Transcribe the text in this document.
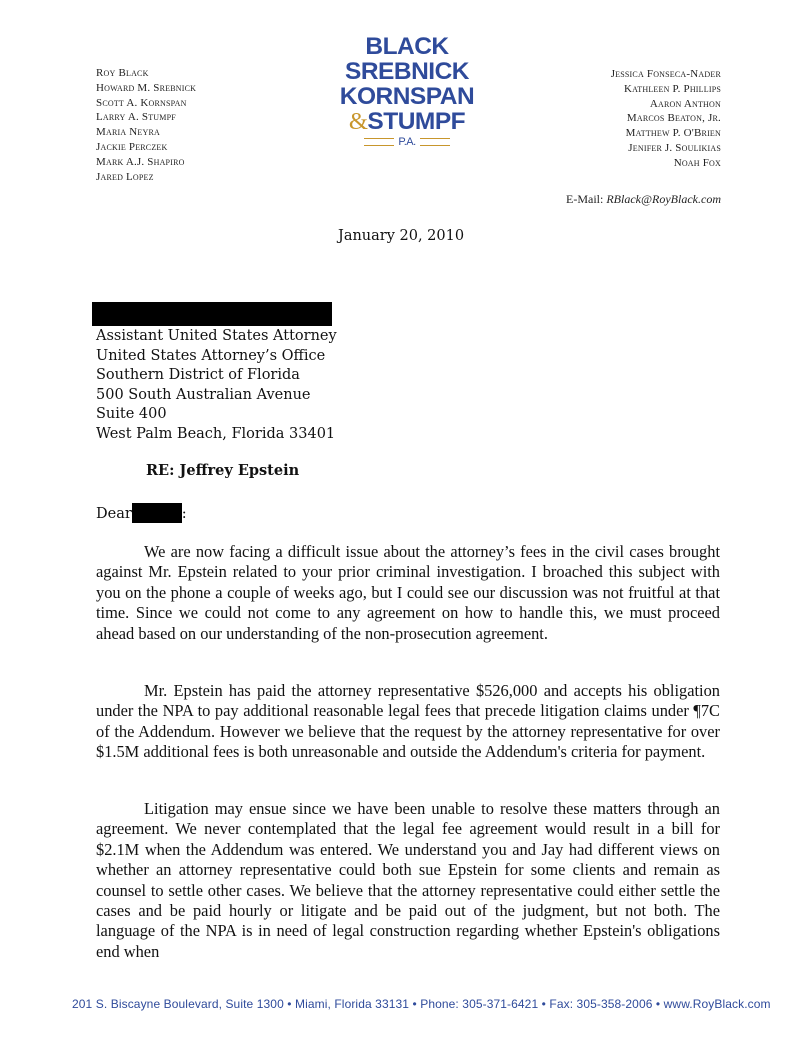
Roy Black
Howard M. Srebnick
Scott A. Kornspan
Larry A. Stumpf
Maria Neyra
Jackie Perczek
Mark A.J. Shapiro
Jared Lopez
BLACK
SREBNICK
KORNSPAN
&STUMPF
P.A.
Jessica Fonseca-Nader
Kathleen P. Phillips
Aaron Anthon
Marcos Beaton, Jr.
Matthew P. O'Brien
Jenifer J. Soulikias
Noah Fox
E-Mail: RBlack@RoyBlack.com
January 20, 2010
Assistant United States Attorney
United States Attorney’s Office
Southern District of Florida
500 South Australian Avenue
Suite 400
West Palm Beach, Florida 33401
RE: Jeffrey Epstein
Dear	:
We are now facing a difficult issue about the attorney’s fees in the civil cases brought against Mr. Epstein related to your prior criminal investigation. I broached this subject with you on the phone a couple of weeks ago, but I could see our discussion was not fruitful at that time. Since we could not come to any agreement on how to handle this, we must proceed ahead based on our understanding of the non-prosecution agreement.
Mr. Epstein has paid the attorney representative $526,000 and accepts his obligation under the NPA to pay additional reasonable legal fees that precede litigation claims under ¶7C of the Addendum. However we believe that the request by the attorney representative for over $1.5M additional fees is both unreasonable and outside the Addendum's criteria for payment.
Litigation may ensue since we have been unable to resolve these matters through an agreement. We never contemplated that the legal fee agreement would result in a bill for $2.1M when the Addendum was entered. We understand you and Jay had different views on whether an attorney representative could both sue Epstein for some clients and remain as counsel to settle other cases. We believe that the attorney representative could either settle the cases and be paid hourly or litigate and be paid out of the judgment, but not both. The language of the NPA is in need of legal construction regarding whether Epstein's obligations end when
201 S. Biscayne Boulevard, Suite 1300 • Miami, Florida 33131 • Phone: 305-371-6421 • Fax: 305-358-2006 • www.RoyBlack.com
